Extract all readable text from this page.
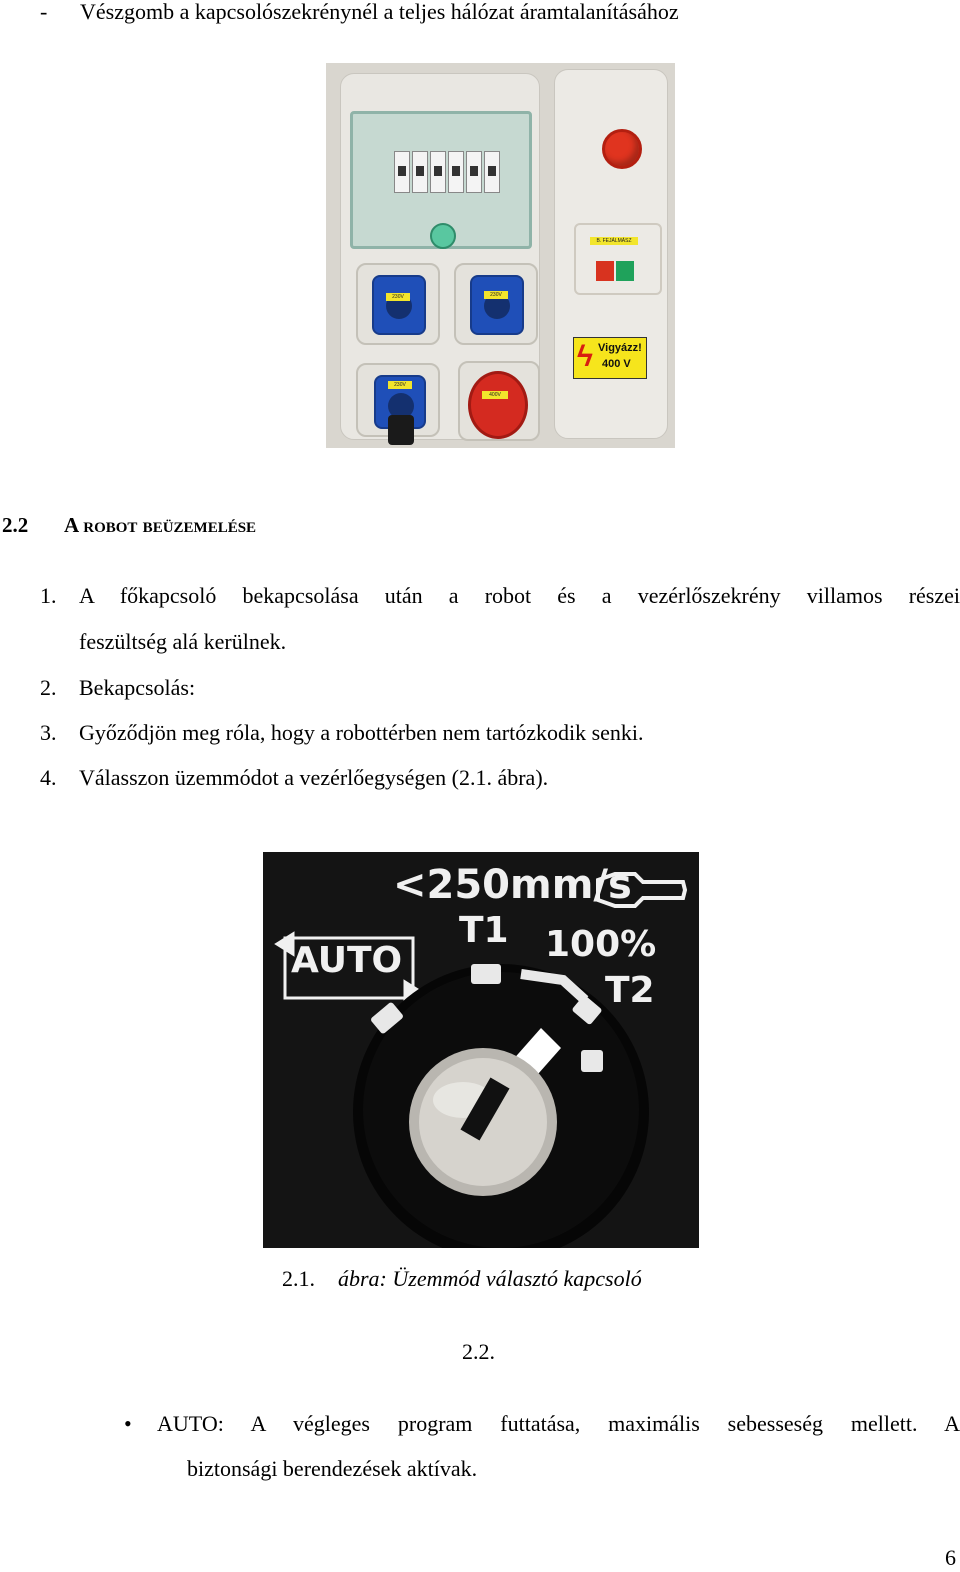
- Vészgomb a kapcsolószekrénynél a teljes hálózat áramtalanításához
230V	230V
230V
400V
B. FEJÁLMÁSZ
ϟ Vigyázz!
400 V
2.2 A robot beüzemelése
1. A főkapcsoló bekapcsolása után a robot és a vezérlőszekrény villamos részei
feszültség alá kerülnek.
2. Bekapcsolás:
3. Győződjön meg róla, hogy a robottérben nem tartózkodik senki.
4. Válasszon üzemmódot a vezérlőegységen (2.1. ábra).
<250mm/s
AUTO
T1 100%
T2
2.1. ábra: Üzemmód választó kapcsoló
2.2.
• AUTO: A végleges program futtatása, maximális sebesseség mellett. A
biztonsági berendezések aktívak.
6
